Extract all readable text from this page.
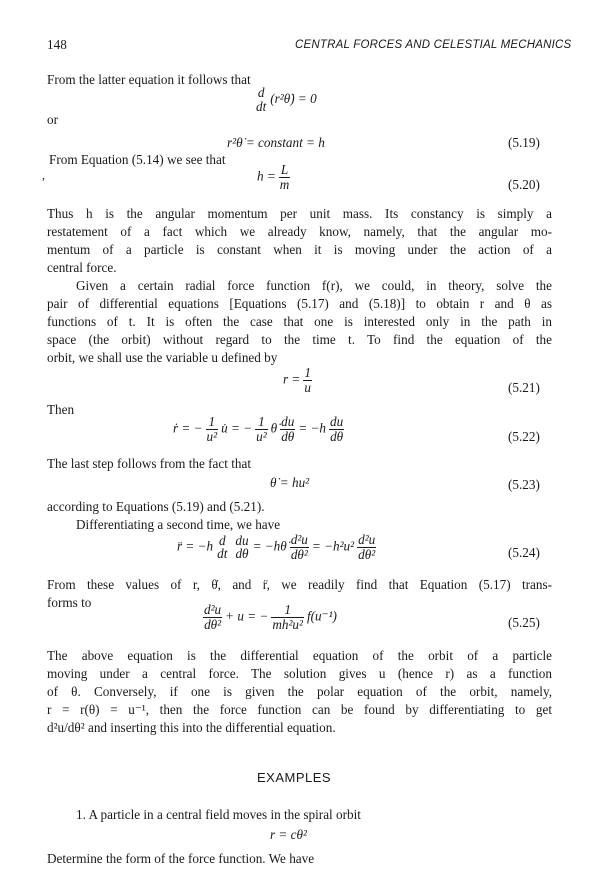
148	CENTRAL FORCES AND CELESTIAL MECHANICS
From the latter equation it follows that
d
dt
(r²θ̇) = 0
or
r²θ̇ = constant = h	(5.19)
From Equation (5.14) we see that
,	$h = \frac{L}{m}$	(5.20)
Thus h is the angular momentum per unit mass. Its constancy is simply a
restatement of a fact which we already know, namely, that the angular mo-
mentum of a particle is constant when it is moving under the action of a
central force.
Given a certain radial force function f(r), we could, in theory, solve the
pair of differential equations [Equations (5.17) and (5.18)] to obtain r and θ as
functions of t. It is often the case that one is interested only in the path in
space (the orbit) without regard to the time t. To find the equation of the
orbit, we shall use the variable u defined by
$r = \frac{1}{u}$	(5.21)
Then
ṙ = − $\frac{1}{\text{u²}}$ u̇ = − $\frac{1}{\text{u²}}$ θ̇ $\frac{du}{d\theta} = -h \frac{du}{d\theta}$	(5.22)
The last step follows from the fact that
θ̇ = hu²	(5.23)
according to Equations (5.19) and (5.21).
Differentiating a second time, we have
r̈ = −h d
dt
du
dθ
= −hθ̇ $\frac{\text{d²u}}{\text{dθ²}} = -h^2u^2 \frac{\text{d²u}}{\text{dθ²}}$	(5.24)
From these values of r, θ̇, and r̈, we readily find that Equation (5.17) trans-
forms to
$\frac{\text{d²u}}{\text{dθ²}} + u$ = − $\frac{1}{\text{mh²u²}} f(u^{-1})$	(5.25)
The above equation is the differential equation of the orbit of a particle
moving under a central force. The solution gives u (hence r) as a function
of θ. Conversely, if one is given the polar equation of the orbit, namely,
r = r(θ) = u⁻¹, then the force function can be found by differentiating to get
d²u/dθ² and inserting this into the differential equation.
EXAMPLES
1. A particle in a central field moves in the spiral orbit
r = cθ²
Determine the form of the force function. We have
